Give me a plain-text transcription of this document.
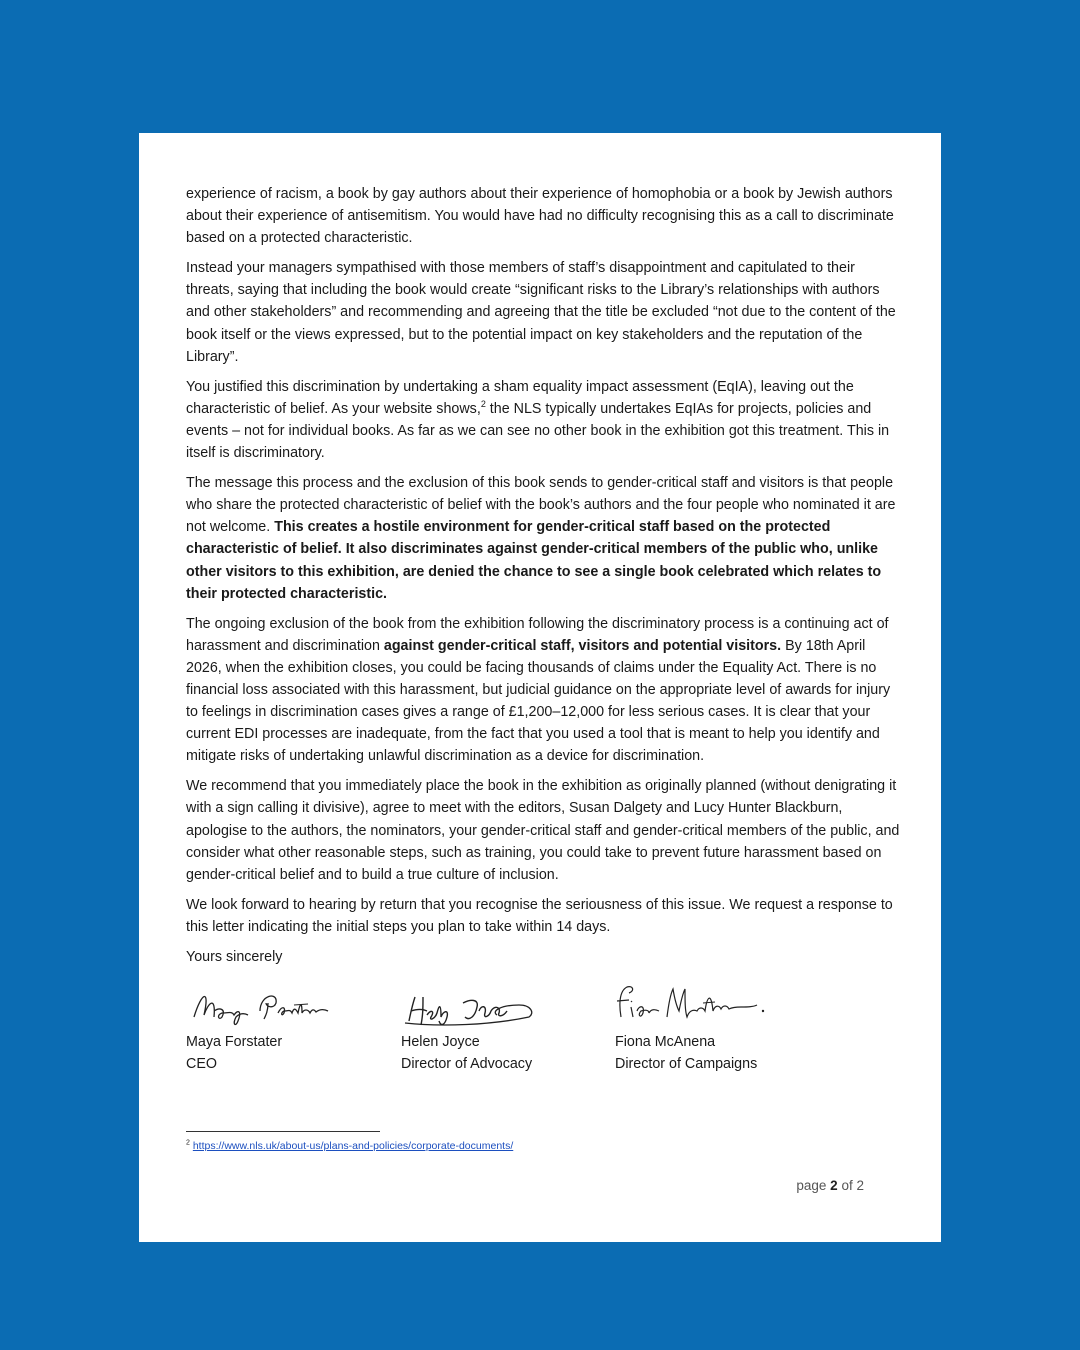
experience of racism, a book by gay authors about their experience of homophobia or a book by Jewish authors about their experience of antisemitism. You would have had no difficulty recognising this as a call to discriminate based on a protected characteristic.

Instead your managers sympathised with those members of staff’s disappointment and capitulated to their threats, saying that including the book would create “significant risks to the Library’s relationships with authors and other stakeholders” and recommending and agreeing that the title be excluded “not due to the content of the book itself or the views expressed, but to the potential impact on key stakeholders and the reputation of the Library”.

You justified this discrimination by undertaking a sham equality impact assessment (EqIA), leaving out the characteristic of belief. As your website shows,$^2$ the NLS typically undertakes EqIAs for projects, policies and events – not for individual books. As far as we can see no other book in the exhibition got this treatment. This in itself is discriminatory.

The message this process and the exclusion of this book sends to gender-critical staff and visitors is that people who share the protected characteristic of belief with the book’s authors and the four people who nominated it are not welcome. This creates a hostile environment for gender-critical staff based on the protected characteristic of belief. It also discriminates against gender-critical members of the public who, unlike other visitors to this exhibition, are denied the chance to see a single book celebrated which relates to their protected characteristic.

The ongoing exclusion of the book from the exhibition following the discriminatory process is a continuing act of harassment and discrimination against gender-critical staff, visitors and potential visitors. By 18th April 2026, when the exhibition closes, you could be facing thousands of claims under the Equality Act. There is no financial loss associated with this harassment, but judicial guidance on the appropriate level of awards for injury to feelings in discrimination cases gives a range of £1,200–12,000 for less serious cases. It is clear that your current EDI processes are inadequate, from the fact that you used a tool that is meant to help you identify and mitigate risks of undertaking unlawful discrimination as a device for discrimination.

We recommend that you immediately place the book in the exhibition as originally planned (without denigrating it with a sign calling it divisive), agree to meet with the editors, Susan Dalgety and Lucy Hunter Blackburn, apologise to the authors, the nominators, your gender-critical staff and gender-critical members of the public, and consider what other reasonable steps, such as training, you could take to prevent future harassment based on gender-critical belief and to build a true culture of inclusion.

We look forward to hearing by return that you recognise the seriousness of this issue. We request a response to this letter indicating the initial steps you plan to take within 14 days.

Yours sincerely

Maya Forstater
CEO
Helen Joyce
Director of Advocacy
Fiona McAnena
Director of Campaigns
$^2$ https://www.nls.uk/about-us/plans-and-policies/corporate-documents/
page 2 of 2
